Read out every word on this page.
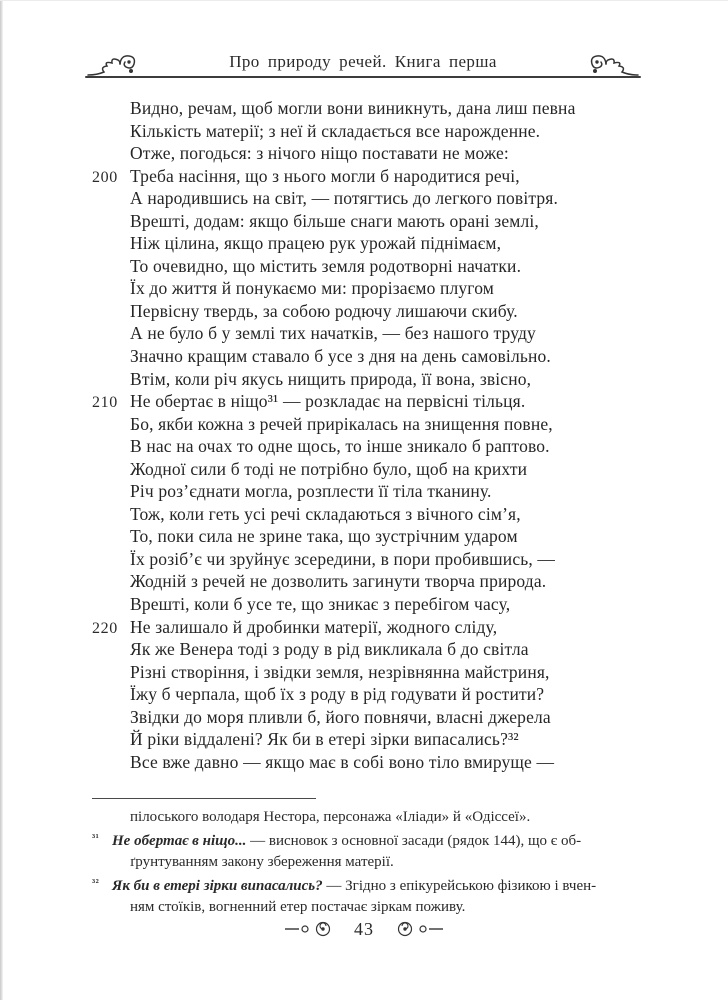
Про природу речей. Книга перша
Видно, речам, щоб могли вони виникнуть, дана лиш певна
Кількість матерії; з неї й складається все нарожденне.
Отже, погодься: з нічого ніщо поставати не може:
200 Треба насіння, що з нього могли б народитися речі,
А народившись на світ, — потягтись до легкого повітря.
Врешті, додам: якщо більше снаги мають орані землі,
Ніж цілина, якщо працею рук урожай піднімаєм,
То очевидно, що містить земля родотворні начатки.
Їх до життя й понукаємо ми: прорізаємо плугом
Первісну твердь, за собою родючу лишаючи скибу.
А не було б у землі тих начатків, — без нашого труду
Значно кращим ставало б усе з дня на день самовільно.
Втім, коли річ якусь нищить природа, її вона, звісно,
210 Не обертає в ніщо³¹ — розкладає на первісні тільця.
Бо, якби кожна з речей прирікалась на знищення повне,
В нас на очах то одне щось, то інше зникало б раптово.
Жодної сили б тоді не потрібно було, щоб на крихти
Річ роз’єднати могла, розплести її тіла тканину.
Тож, коли геть усі речі складаються з вічного сім’я,
То, поки сила не зрине така, що зустрічним ударом
Їх розіб’є чи зруйнує зсередини, в пори пробившись, —
Жодній з речей не дозволить загинути творча природа.
Врешті, коли б усе те, що зникає з перебігом часу,
220 Не залишало й дробинки матерії, жодного сліду,
Як же Венера тоді з роду в рід викликала б до світла
Різні створіння, і звідки земля, незрівнянна майстриня,
Їжу б черпала, щоб їх з роду в рід годувати й ростити?
Звідки до моря пливли б, його повнячи, власні джерела
Й ріки віддалені? Як би в етері зірки випасались?³²
Все вже давно — якщо має в собі воно тіло вмируще —
пілоського володаря Нестора, персонажа «Іліади» й «Одіссеї».
³¹ Не обертає в ніщо... — висновок з основної засади (рядок 144), що є об-
ґрунтуванням закону збереження матерії.
³² Як би в етері зірки випасались? — Згідно з епікурейською фізикою і вчен-
ням стоїків, вогненний етер постачає зіркам поживу.
43
